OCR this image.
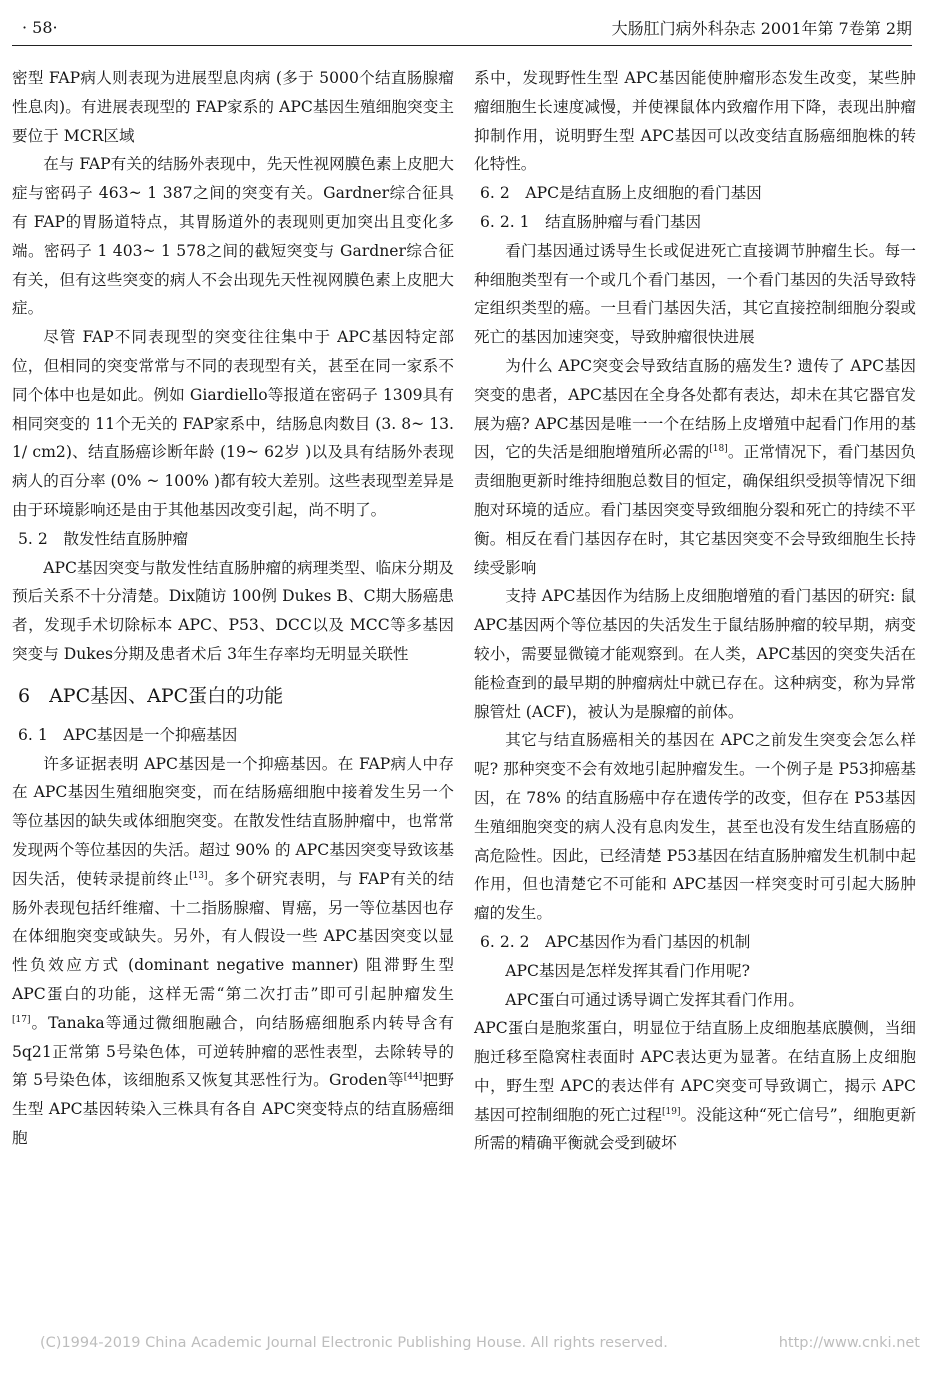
· 58·	大肠肛门病外科杂志 2001年第 7卷第 2期

密型 FAP病人则表现为进展型息肉病 (多于 5000个结直肠腺瘤性息肉)。有进展表现型的 FAP家系的 APC基因生殖细胞突变主要位于 MCR区域

在与 FAP有关的结肠外表现中，先天性视网膜色素上皮肥大症与密码子 463~ 1 387之间的突变有关。Gardner综合征具有 FAP的胃肠道特点，其胃肠道外的表现则更加突出且变化多端。密码子 1 403~ 1 578之间的截短突变与 Gardner综合征有关，但有这些突变的病人不会出现先天性视网膜色素上皮肥大症。

尽管 FAP不同表现型的突变往往集中于 APC基因特定部位，但相同的突变常常与不同的表现型有关，甚至在同一家系不同个体中也是如此。例如 Giardiello等报道在密码子 1309具有相同突变的 11个无关的 FAP家系中，结肠息肉数目 (3. 8~ 13. 1/ cm2)、结直肠癌诊断年龄 (19~ 62岁 )以及具有结肠外表现病人的百分率 (0% ~ 100% )都有较大差别。这些表现型差异是由于环境影响还是由于其他基因改变引起，尚不明了。

5. 2　散发性结直肠肿瘤

APC基因突变与散发性结直肠肿瘤的病理类型、临床分期及预后关系不十分清楚。Dix随访 100例 Dukes B、C期大肠癌患者，发现手术切除标本 APC、P53、DCC以及 MCC等多基因突变与 Dukes分期及患者术后 3年生存率均无明显关联性

6　APC基因、APC蛋白的功能
6. 1　APC基因是一个抑癌基因

许多证据表明 APC基因是一个抑癌基因。在 FAP病人中存在 APC基因生殖细胞突变，而在结肠癌细胞中接着发生另一个等位基因的缺失或体细胞突变。在散发性结直肠肿瘤中，也常常发现两个等位基因的失活。超过 90% 的 APC基因突变导致该基因失活，使转录提前终止[13]。多个研究表明，与 FAP有关的结肠外表现包括纤维瘤、十二指肠腺瘤、胃癌，另一等位基因也存在体细胞突变或缺失。另外，有人假设一些 APC基因突变以显性负效应方式 (dominant negative manner) 阻滞野生型 APC蛋白的功能，这样无需“第二次打击”即可引起肿瘤发生[17]。Tanaka等通过微细胞融合，向结肠癌细胞系内转导含有 5q21正常第 5号染色体，可逆转肿瘤的恶性表型，去除转导的第 5号染色体，该细胞系又恢复其恶性行为。Groden等[44]把野生型 APC基因转染入三株具有各自 APC突变特点的结直肠癌细胞

系中，发现野性生型 APC基因能使肿瘤形态发生改变，某些肿瘤细胞生长速度减慢，并使裸鼠体内致瘤作用下降，表现出肿瘤抑制作用，说明野生型 APC基因可以改变结直肠癌细胞株的转化特性。

6. 2　APC是结直肠上皮细胞的看门基因
6. 2. 1　结直肠肿瘤与看门基因

看门基因通过诱导生长或促进死亡直接调节肿瘤生长。每一种细胞类型有一个或几个看门基因，一个看门基因的失活导致特定组织类型的癌。一旦看门基因失活，其它直接控制细胞分裂或死亡的基因加速突变，导致肿瘤很快进展

为什么 APC突变会导致结直肠的癌发生? 遗传了 APC基因突变的患者，APC基因在全身各处都有表达，却未在其它器官发展为癌? APC基因是唯一一个在结肠上皮增殖中起看门作用的基因，它的失活是细胞增殖所必需的[18]。正常情况下，看门基因负责细胞更新时维持细胞总数目的恒定，确保组织受损等情况下细胞对环境的适应。看门基因突变导致细胞分裂和死亡的持续不平衡。相反在看门基因存在时，其它基因突变不会导致细胞生长持续受影响

支持 APC基因作为结肠上皮细胞增殖的看门基因的研究: 鼠 APC基因两个等位基因的失活发生于鼠结肠肿瘤的较早期，病变较小，需要显微镜才能观察到。在人类，APC基因的突变失活在能检查到的最早期的肿瘤病灶中就已存在。这种病变，称为异常腺管灶 (ACF)，被认为是腺瘤的前体。

其它与结直肠癌相关的基因在 APC之前发生突变会怎么样呢? 那种突变不会有效地引起肿瘤发生。一个例子是 P53抑癌基因，在 78% 的结直肠癌中存在遗传学的改变，但存在 P53基因生殖细胞突变的病人没有息肉发生，甚至也没有发生结直肠癌的高危险性。因此，已经清楚 P53基因在结直肠肿瘤发生机制中起作用，但也清楚它不可能和 APC基因一样突变时可引起大肠肿瘤的发生。

6. 2. 2　APC基因作为看门基因的机制

APC基因是怎样发挥其看门作用呢?

APC蛋白可通过诱导调亡发挥其看门作用。

APC蛋白是胞浆蛋白，明显位于结直肠上皮细胞基底膜侧，当细胞迁移至隐窝柱表面时 APC表达更为显著。在结直肠上皮细胞中，野生型 APC的表达伴有 APC突变可导致调亡，揭示 APC基因可控制细胞的死亡过程[19]。没能这种“死亡信号”，细胞更新所需的精确平衡就会受到破坏

(C)1994-2019 China Academic Journal Electronic Publishing House. All rights reserved.	http://www.cnki.net
